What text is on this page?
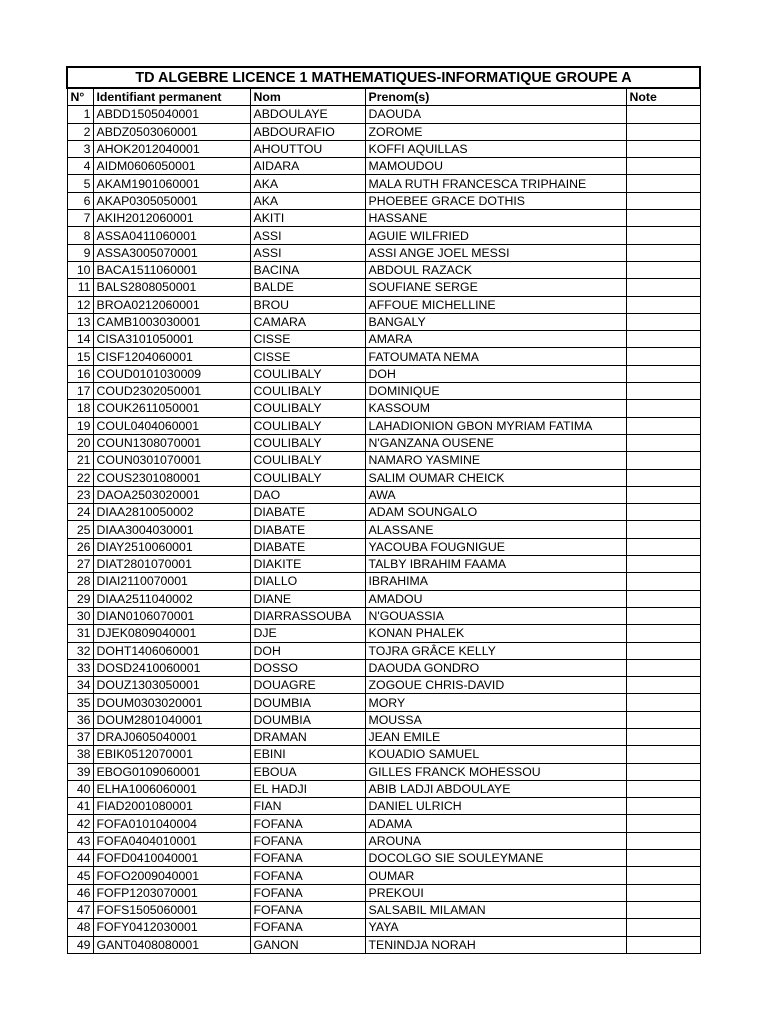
TD ALGEBRE LICENCE 1 MATHEMATIQUES-INFORMATIQUE GROUPE A				
N°	Identifiant permanent	Nom	Prenom(s)	Note
1	ABDD1505040001	ABDOULAYE	DAOUDA	
2	ABDZ0503060001	ABDOURAFIO	ZOROME	
3	AHOK2012040001	AHOUTTOU	KOFFI AQUILLAS	
4	AIDM0606050001	AIDARA	MAMOUDOU	
5	AKAM1901060001	AKA	MALA RUTH FRANCESCA TRIPHAINE	
6	AKAP0305050001	AKA	PHOEBEE GRACE DOTHIS	
7	AKIH2012060001	AKITI	HASSANE	
8	ASSA0411060001	ASSI	AGUIE WILFRIED	
9	ASSA3005070001	ASSI	ASSI ANGE JOEL MESSI	
10	BACA1511060001	BACINA	ABDOUL RAZACK	
11	BALS2808050001	BALDE	SOUFIANE SERGE	
12	BROA0212060001	BROU	AFFOUE MICHELLINE	
13	CAMB1003030001	CAMARA	BANGALY	
14	CISA3101050001	CISSE	AMARA	
15	CISF1204060001	CISSE	FATOUMATA NEMA	
16	COUD0101030009	COULIBALY	DOH	
17	COUD2302050001	COULIBALY	DOMINIQUE	
18	COUK2611050001	COULIBALY	KASSOUM	
19	COUL0404060001	COULIBALY	LAHADIONION GBON MYRIAM FATIMA	
20	COUN1308070001	COULIBALY	N'GANZANA OUSENE	
21	COUN0301070001	COULIBALY	NAMARO YASMINE	
22	COUS2301080001	COULIBALY	SALIM OUMAR CHEICK	
23	DAOA2503020001	DAO	AWA	
24	DIAA2810050002	DIABATE	ADAM SOUNGALO	
25	DIAA3004030001	DIABATE	ALASSANE	
26	DIAY2510060001	DIABATE	YACOUBA FOUGNIGUE	
27	DIAT2801070001	DIAKITE	TALBY IBRAHIM FAAMA	
28	DIAI2110070001	DIALLO	IBRAHIMA	
29	DIAA2511040002	DIANE	AMADOU	
30	DIAN0106070001	DIARRASSOUBA	N'GOUASSIA	
31	DJEK0809040001	DJE	KONAN PHALEK	
32	DOHT1406060001	DOH	TOJRA GRÂCE KELLY	
33	DOSD2410060001	DOSSO	DAOUDA GONDRO	
34	DOUZ1303050001	DOUAGRE	ZOGOUE CHRIS-DAVID	
35	DOUM0303020001	DOUMBIA	MORY	
36	DOUM2801040001	DOUMBIA	MOUSSA	
37	DRAJ0605040001	DRAMAN	JEAN EMILE	
38	EBIK0512070001	EBINI	KOUADIO SAMUEL	
39	EBOG0109060001	EBOUA	GILLES FRANCK MOHESSOU	
40	ELHA1006060001	EL HADJI	ABIB LADJI ABDOULAYE	
41	FIAD2001080001	FIAN	DANIEL ULRICH	
42	FOFA0101040004	FOFANA	ADAMA	
43	FOFA0404010001	FOFANA	AROUNA	
44	FOFD0410040001	FOFANA	DOCOLGO SIE SOULEYMANE	
45	FOFO2009040001	FOFANA	OUMAR	
46	FOFP1203070001	FOFANA	PREKOUI	
47	FOFS1505060001	FOFANA	SALSABIL MILAMAN	
48	FOFY0412030001	FOFANA	YAYA	
49	GANT0408080001	GANON	TENINDJA NORAH	
